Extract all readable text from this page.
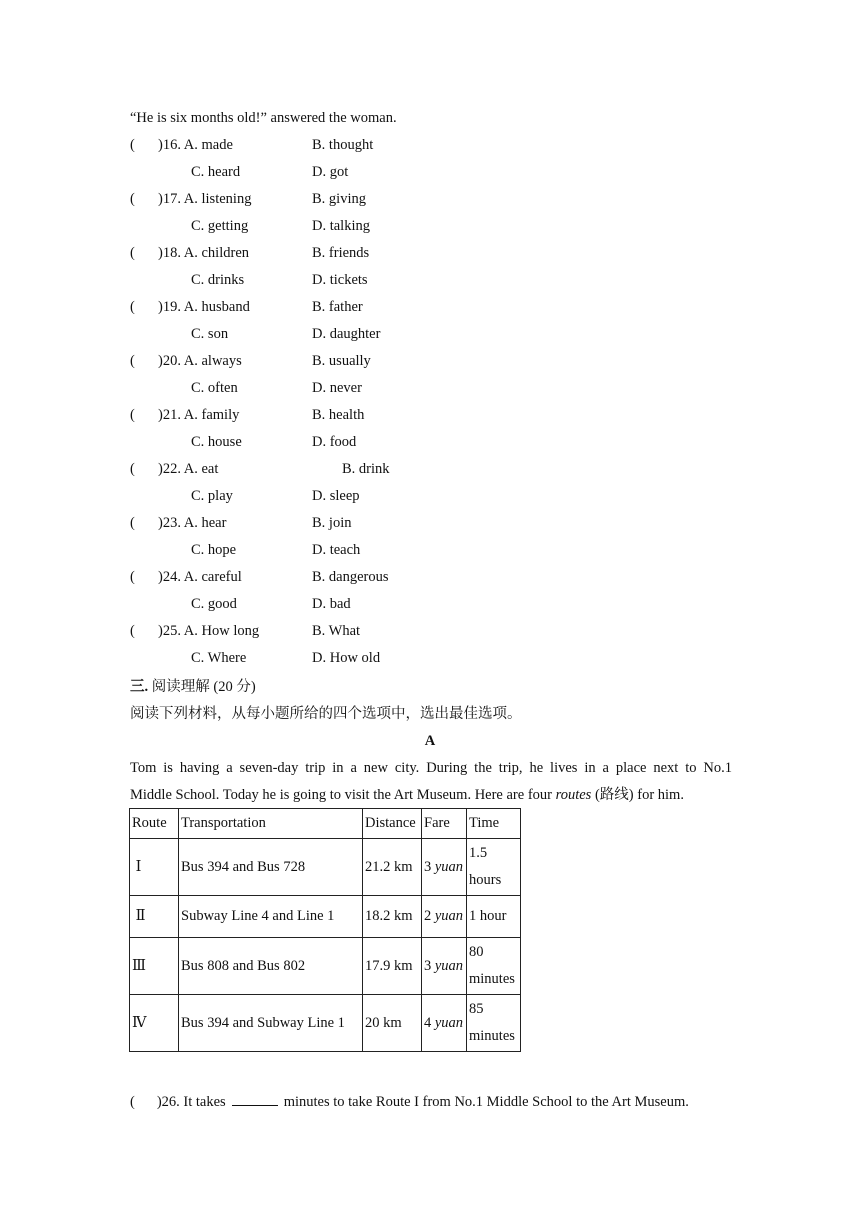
“He is six months old!” answered the woman.
( )16. A. made	B. thought
C. heard	D. got
( )17. A. listening	B. giving
C. getting	D. talking
( )18. A. children	B. friends
C. drinks	D. tickets
( )19. A. husband	B. father
C. son	D. daughter
( )20. A. always	B. usually
C. often	D. never
( )21. A. family	B. health
C. house	D. food
( )22. A. eat	B. drink
C. play	D. sleep
( )23. A. hear	B. join
C. hope	D. teach
( )24. A. careful	B. dangerous
C. good	D. bad
( )25. A. How long	B. What
C. Where	D. How old
三. 阅读理解 (20 分)
阅读下列材料，从每小题所给的四个选项中，选出最佳选项。
A
Tom is having a seven-day trip in a new city. During the trip, he lives in a place next to No.1
Middle School. Today he is going to visit the Art Museum. Here are four routes (路线) for him.
Route	Transportation	Distance	Fare	Time
Ⅰ	Bus 394 and Bus 728	21.2 km	3 yuan	1.5
hours

Ⅱ	Subway Line 4 and Line 1	18.2 km	2 yuan	1 hour
Ⅲ	Bus 808 and Bus 802	17.9 km	3 yuan	80
minutes

Ⅳ	Bus 394 and Subway Line 1	20 km	4 yuan	85
minutes
( )26. It takes	minutes to take Route I from No.1 Middle School to the Art Museum.
